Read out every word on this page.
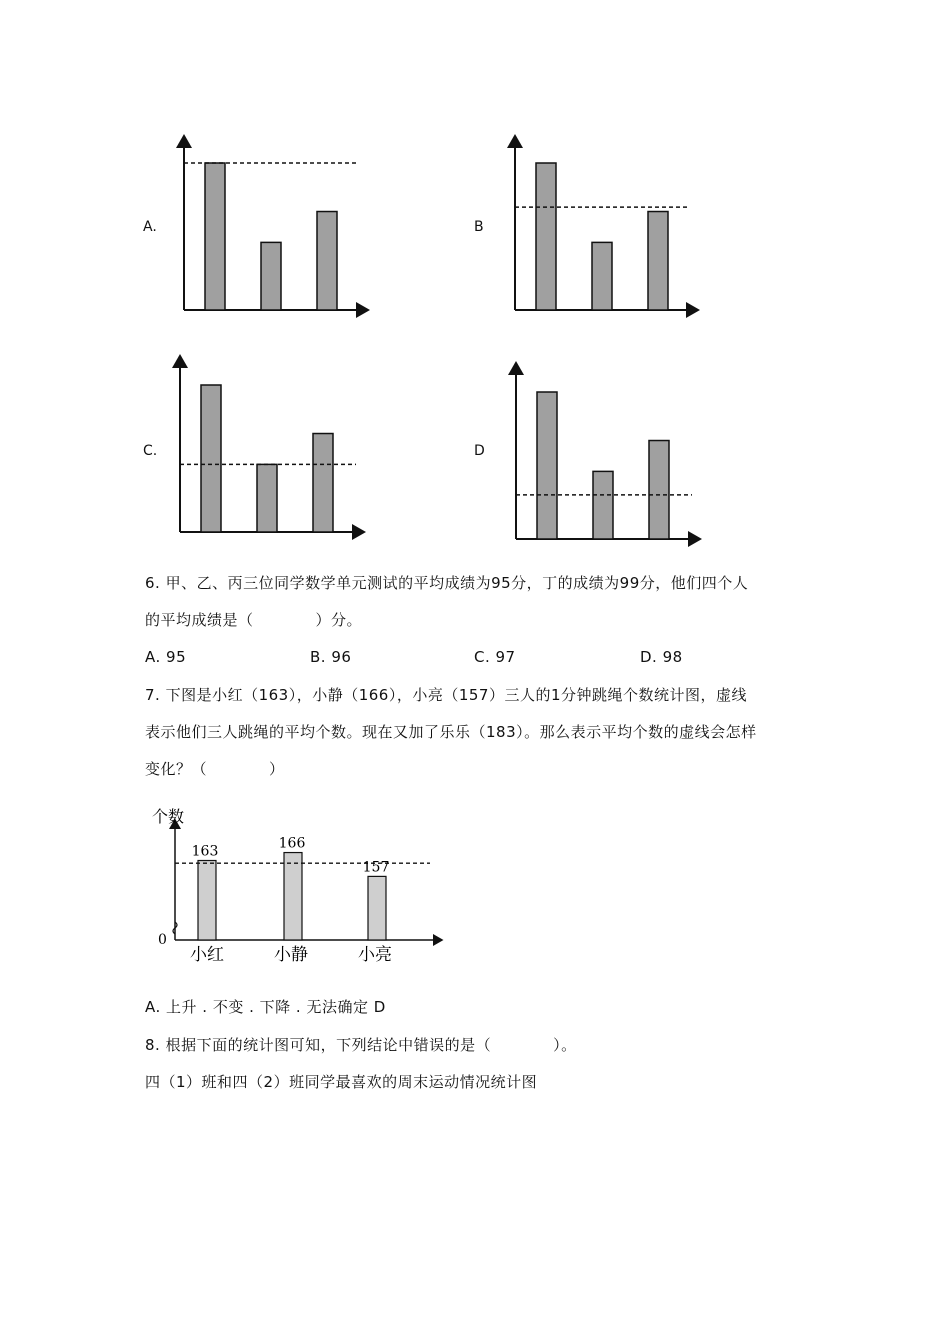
A.	B
C.	D
6. 甲、乙、丙三位同学数学单元测试的平均成绩为95分，丁的成绩为99分，他们四个人
的平均成绩是（　　　　）分。
A. 95	B. 96	C. 97	D. 98
7. 下图是小红（163），小静（166），小亮（157）三人的1分钟跳绳个数统计图，虚线
表示他们三人跳绳的平均个数。现在又加了乐乐（183）。那么表示平均个数的虚线会怎样
变化？（　　　　）
个数
0
小红	小静	小亮
163	166
157
A. 上升 . 不变 . 下降 . 无法确定 D
8. 根据下面的统计图可知，下列结论中错误的是（　　　　）。
四（1）班和四（2）班同学最喜欢的周末运动情况统计图
